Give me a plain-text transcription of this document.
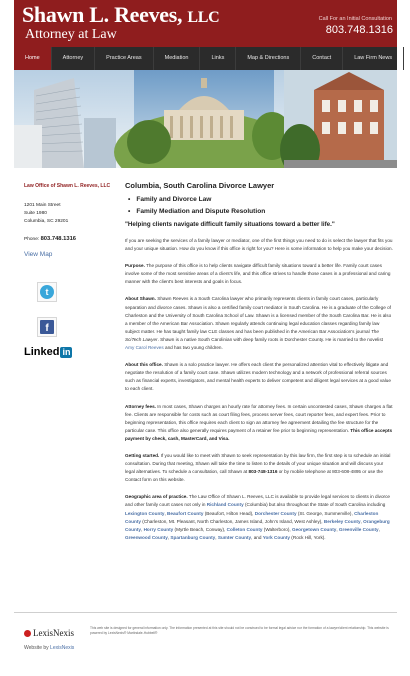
Shawn L. Reeves, LLC
Attorney at Law
Call For an Initial Consultation
803.748.1316
Home	Attorney	Practice Areas	Mediation	Links	Map & Directions	Contact	Law Firm News
Law Office of Shawn L. Reeves, LLC
1201 Main Street
Suite 1980
Columbia, SC 29201
Phone: 803.748.1316
View Map
t
f
Linked in
Columbia, South Carolina Divorce Lawyer
• Family and Divorce Law
• Family Mediation and Dispute Resolution
"Helping clients navigate difficult family situations toward a better life."

If you are seeking the services of a family lawyer or mediator, one of the first things you need to do is select the lawyer that fits you and your unique situation. How do you know if this office is right for you? Here is some information to help you make your decision.

Purpose. The purpose of this office is to help clients navigate difficult family situations toward a better life. Family court cases involve some of the most sensitive areas of a client's life, and this office strives to handle those cases in a professional and caring manner with the client's best interests and goals in focus.

About Shawn. Shawn Reeves is a South Carolina lawyer who primarily represents clients in family court cases, particularly separation and divorce cases. Shawn is also a certified family court mediator in South Carolina. He is a graduate of the College of Charleston and the University of South Carolina School of Law. Shawn is a licensed member of the South Carolina Bar. He is also a member of the American Bar Association. Shawn regularly attends continuing legal education classes regarding family law subject matter. He has taught family law CLE classes and has been published in the American Bar Association's journal The SciTech Lawyer. Shawn is a native South Carolinian with deep family roots in Dorchester County. He is married to the novelist Amy Carol Reeves and has two young children.

About this office. Shawn is a solo practice lawyer. He offers each client the personalized attention vital to effectively litigate and negotiate the resolution of a family court case. Shawn utilizes modern technology and a network of professional referral sources such as financial experts, investigators, and mental health experts to deliver competent and diligent legal services at a good value to each client.

Attorney fees. In most cases, Shawn charges an hourly rate for attorney fees. In certain uncontested cases, Shawn charges a flat fee. Clients are responsible for costs such as court filing fees, process server fees, court reporter fees, and expert fees. Prior to beginning representation, this office requires each client to sign an attorney fee agreement detailing the fee structure for the particular case. This office also generally requires payment of a retainer fee prior to beginning representation. This office accepts payment by check, cash, MasterCard, and Visa.

Getting started. If you would like to meet with Shawn to seek representation by this law firm, the first step is to schedule an initial consultation. During that meeting, Shawn will take the time to listen to the details of your unique situation and will discuss your legal alternatives. To schedule a consultation, call Shawn at 803-748-1316 or by mobile telephone at 803-608-4895 or use the Contact form on this website.

Geographic area of practice. The Law Office of Shawn L. Reeves, LLC is available to provide legal services to clients in divorce and other family court cases not only in Richland County (Columbia) but also throughout the State of South Carolina including Lexington County, Beaufort County (Beaufort, Hilton Head), Dorchester County (St. George, Summerville), Charleston County (Charleston, Mt. Pleasant, North Charleston, James Island, John's Island, West Ashley), Berkeley County, Orangeburg County, Horry County (Myrtle Beach, Conway), Colleton County (Walterboro), Georgetown County, Greenville County, Greenwood County, Spartanburg County, Sumter County, and York County (Rock Hill, York).

LexisNexis	This web site is designed for general information only. The information presented at this site should not be construed to be formal legal advice nor the formation of a lawyer/client relationship. This website is powered by LexisNexis® Martindale-Hubbell®
Website by LexisNexis
